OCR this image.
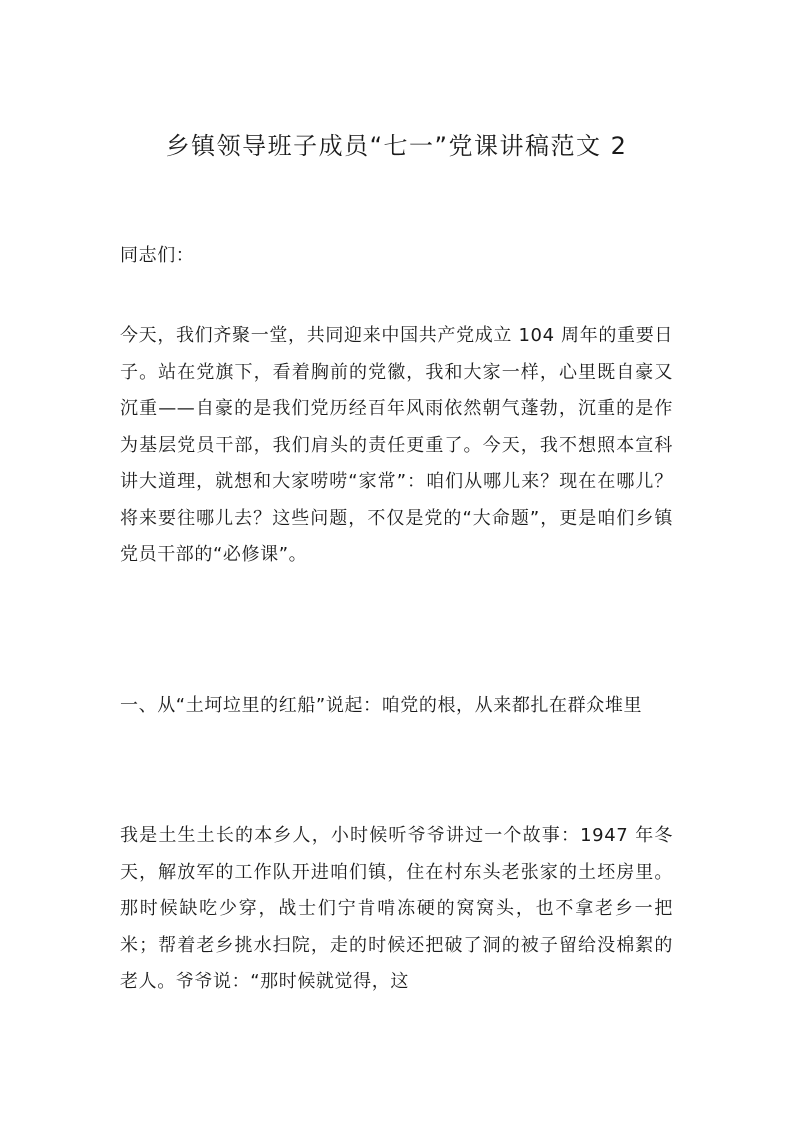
乡镇领导班子成员“七一”党课讲稿范文 2

同志们：

今天，我们齐聚一堂，共同迎来中国共产党成立 104 周年的重要日子。站在党旗下，看着胸前的党徽，我和大家一样，心里既自豪又沉重——自豪的是我们党历经百年风雨依然朝气蓬勃，沉重的是作为基层党员干部，我们肩头的责任更重了。今天，我不想照本宣科讲大道理，就想和大家唠唠“家常”：咱们从哪儿来？现在在哪儿？将来要往哪儿去？这些问题，不仅是党的“大命题”，更是咱们乡镇党员干部的“必修课”。

一、从“土坷垃里的红船”说起：咱党的根，从来都扎在群众堆里

我是土生土长的本乡人，小时候听爷爷讲过一个故事：1947 年冬天，解放军的工作队开进咱们镇，住在村东头老张家的土坯房里。那时候缺吃少穿，战士们宁肯啃冻硬的窝窝头，也不拿老乡一把米；帮着老乡挑水扫院，走的时候还把破了洞的被子留给没棉絮的老人。爷爷说：“那时候就觉得，这
